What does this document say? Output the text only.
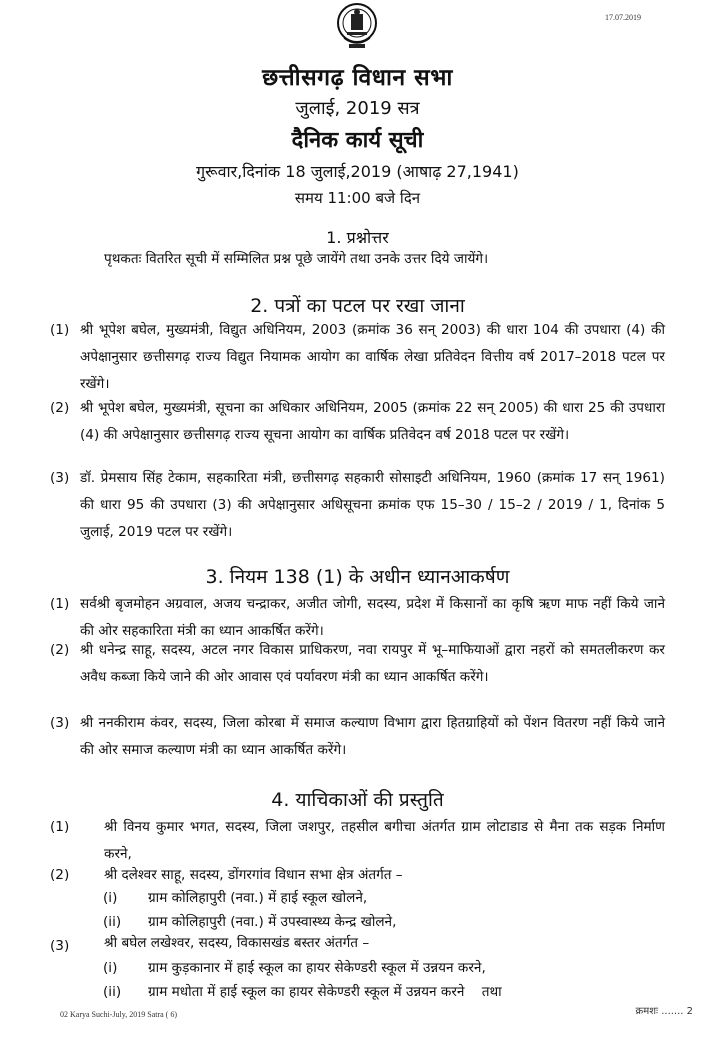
17.07.2019
छत्तीसगढ़ विधान सभा
जुलाई, 2019 सत्र
दैनिक कार्य सूची
गुरूवार,दिनांक 18 जुलाई,2019 (आषाढ़ 27,1941)
समय 11:00 बजे दिन
1. प्रश्नोत्तर
पृथकतः वितरित सूची में सम्मिलित प्रश्न पूछे जायेंगे तथा उनके उत्तर दिये जायेंगे।
2. पत्रों का पटल पर रखा जाना
(1) श्री भूपेश बघेल, मुख्यमंत्री, विद्युत अधिनियम, 2003 (क्रमांक 36 सन् 2003) की धारा 104 की उपधारा (4) की अपेक्षानुसार छत्तीसगढ़ राज्य विद्युत नियामक आयोग का वार्षिक लेखा प्रतिवेदन वित्तीय वर्ष 2017–2018 पटल पर रखेंगे।
(2) श्री भूपेश बघेल, मुख्यमंत्री, सूचना का अधिकार अधिनियम, 2005 (क्रमांक 22 सन् 2005) की धारा 25 की उपधारा (4) की अपेक्षानुसार छत्तीसगढ़ राज्य सूचना आयोग का वार्षिक प्रतिवेदन वर्ष 2018 पटल पर रखेंगे।
(3) डॉ. प्रेमसाय सिंह टेकाम, सहकारिता मंत्री, छत्तीसगढ़ सहकारी सोसाइटी अधिनियम, 1960 (क्रमांक 17 सन् 1961) की धारा 95 की उपधारा (3) की अपेक्षानुसार अधिसूचना क्रमांक एफ 15–30 / 15–2 / 2019 / 1, दिनांक 5 जुलाई, 2019 पटल पर रखेंगे।
3. नियम 138 (1) के अधीन ध्यानआकर्षण
(1) सर्वश्री बृजमोहन अग्रवाल, अजय चन्द्राकर, अजीत जोगी, सदस्य, प्रदेश में किसानों का कृषि ऋण माफ नहीं किये जाने की ओर सहकारिता मंत्री का ध्यान आकर्षित करेंगे।
(2) श्री धनेन्द्र साहू, सदस्य, अटल नगर विकास प्राधिकरण, नवा रायपुर में भू–माफियाओं द्वारा नहरों को समतलीकरण कर अवैध कब्जा किये जाने की ओर आवास एवं पर्यावरण मंत्री का ध्यान आकर्षित करेंगे।
(3) श्री ननकीराम कंवर, सदस्य, जिला कोरबा में समाज कल्याण विभाग द्वारा हितग्राहियों को पेंशन वितरण नहीं किये जाने की ओर समाज कल्याण मंत्री का ध्यान आकर्षित करेंगे।
4. याचिकाओं की प्रस्तुति
(1)	श्री विनय कुमार भगत, सदस्य, जिला जशपुर, तहसील बगीचा अंतर्गत ग्राम लोटाडाड से मैना तक सड़क निर्माण करने,
(2)	श्री दलेश्वर साहू, सदस्य, डोंगरगांव विधान सभा क्षेत्र अंतर्गत –
(i) ग्राम कोलिहापुरी (नवा.) में हाई स्कूल खोलने,
(ii) ग्राम कोलिहापुरी (नवा.) में उपस्वास्थ्य केन्द्र खोलने,
(3)	श्री बघेल लखेश्वर, सदस्य, विकासखंड बस्तर अंतर्गत –
(i) ग्राम कुड़कानार में हाई स्कूल का हायर सेकेण्डरी स्कूल में उन्नयन करने,
(ii) ग्राम मधोता में हाई स्कूल का हायर सेकेण्डरी स्कूल में उन्नयन करने    तथा
02 Karya Suchi-July, 2019 Satra ( 6)	क्रमशः ....... 2
